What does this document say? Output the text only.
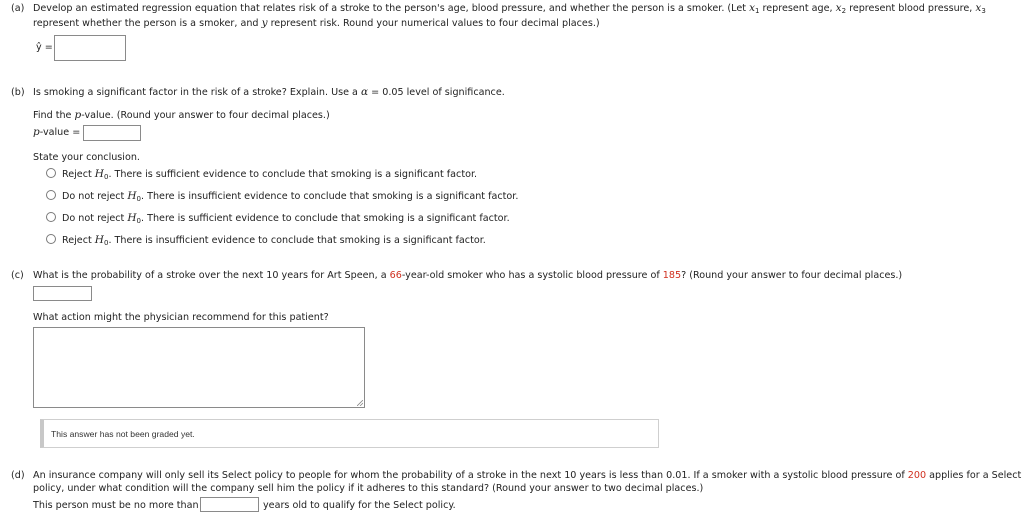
(a) Develop an estimated regression equation that relates risk of a stroke to the person's age, blood pressure, and whether the person is a smoker. (Let $x_1$ represent age, $x_2$ represent blood pressure, $x_3$
represent whether the person is a smoker, and y represent risk. Round your numerical values to four decimal places.)
ŷ =
(b) Is smoking a significant factor in the risk of a stroke? Explain. Use a α = 0.05 level of significance.
Find the p-value. (Round your answer to four decimal places.)
p-value =
State your conclusion.
Reject $H_0$. There is sufficient evidence to conclude that smoking is a significant factor.
Do not reject $H_0$. There is insufficient evidence to conclude that smoking is a significant factor.
Do not reject $H_0$. There is sufficient evidence to conclude that smoking is a significant factor.
Reject $H_0$. There is insufficient evidence to conclude that smoking is a significant factor.
(c) What is the probability of a stroke over the next 10 years for Art Speen, a 66-year-old smoker who has a systolic blood pressure of 185? (Round your answer to four decimal places.)
What action might the physician recommend for this patient?
This answer has not been graded yet.
(d) An insurance company will only sell its Select policy to people for whom the probability of a stroke in the next 10 years is less than 0.01. If a smoker with a systolic blood pressure of 200 applies for a Select
policy, under what condition will the company sell him the policy if it adheres to this standard? (Round your answer to two decimal places.)
This person must be no more than	years old to qualify for the Select policy.
